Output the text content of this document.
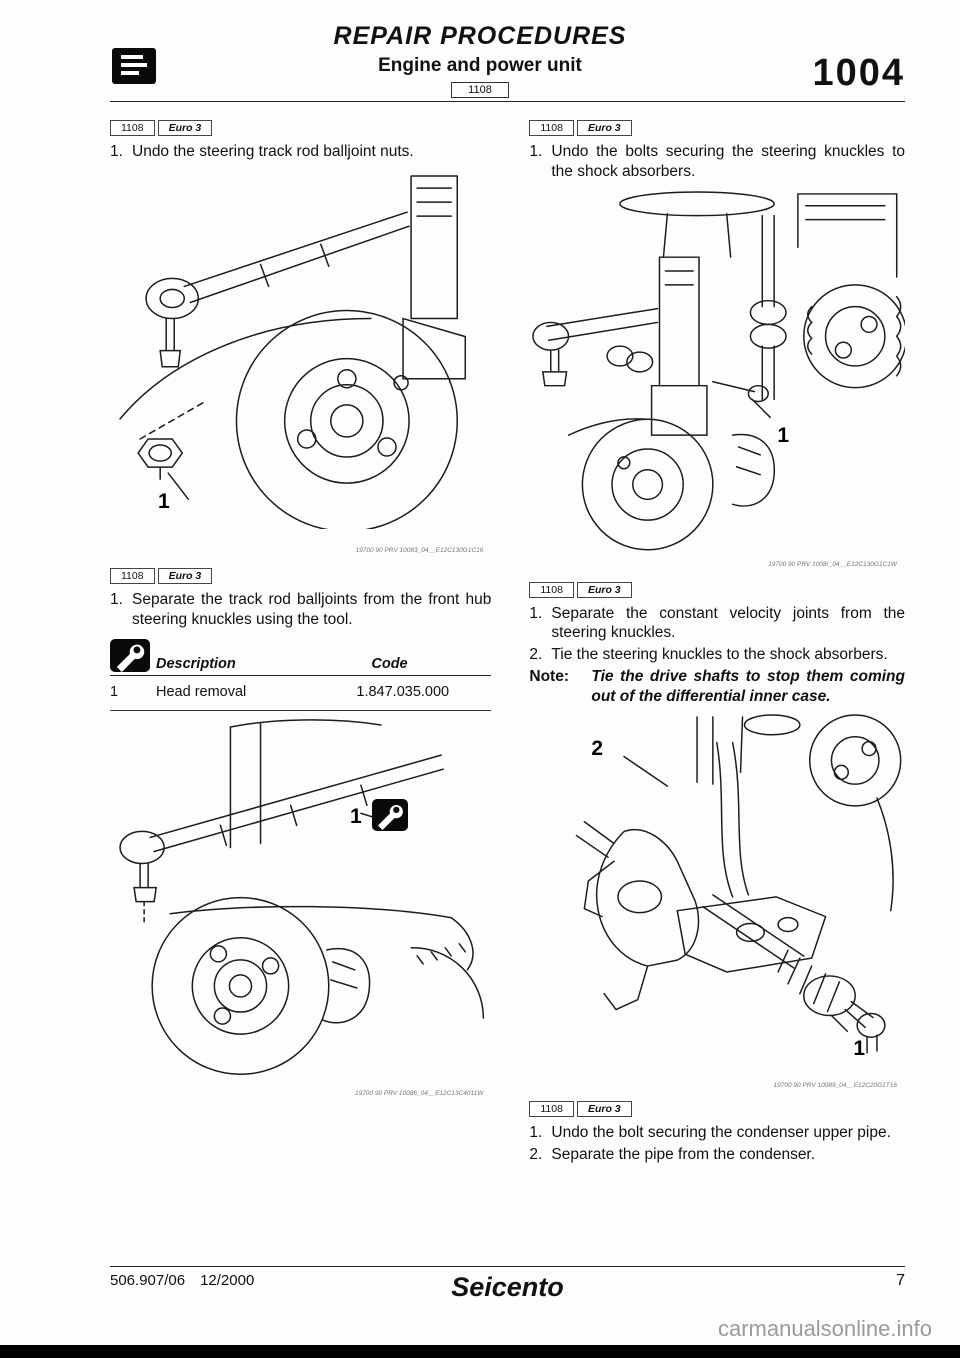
REPAIR PROCEDURES
Engine and power unit
1108	1004
1108	Euro 3
1. Undo the steering track rod balljoint nuts.
1
19700 90 PRV 10083_04__E12C130G1C16
1108	Euro 3
1. Separate the track rod balljoints from the front hub steering knuckles using the tool.
Description	Code
1	Head removal	1.847.035.000
1
19700 90 PRV 10086_04__E12C13C4011W
1108	Euro 3
1. Undo the bolts securing the steering knuckles to the shock absorbers.
1
19700 90 PRV 1008r_04__E12C130G1C1W
1108	Euro 3
1. Separate the constant velocity joints from the steering knuckles.
2. Tie the steering knuckles to the shock absorbers.
Note:	Tie the drive shafts to stop them coming out of the differential inner case.
2
1
19700 90 PRV 10089_04__E12C20G1T16
1108	Euro 3
1. Undo the bolt securing the condenser upper pipe.
2. Separate the pipe from the condenser.
506.907/06  12/2000	Seicento	7
carmanualsonline.info
